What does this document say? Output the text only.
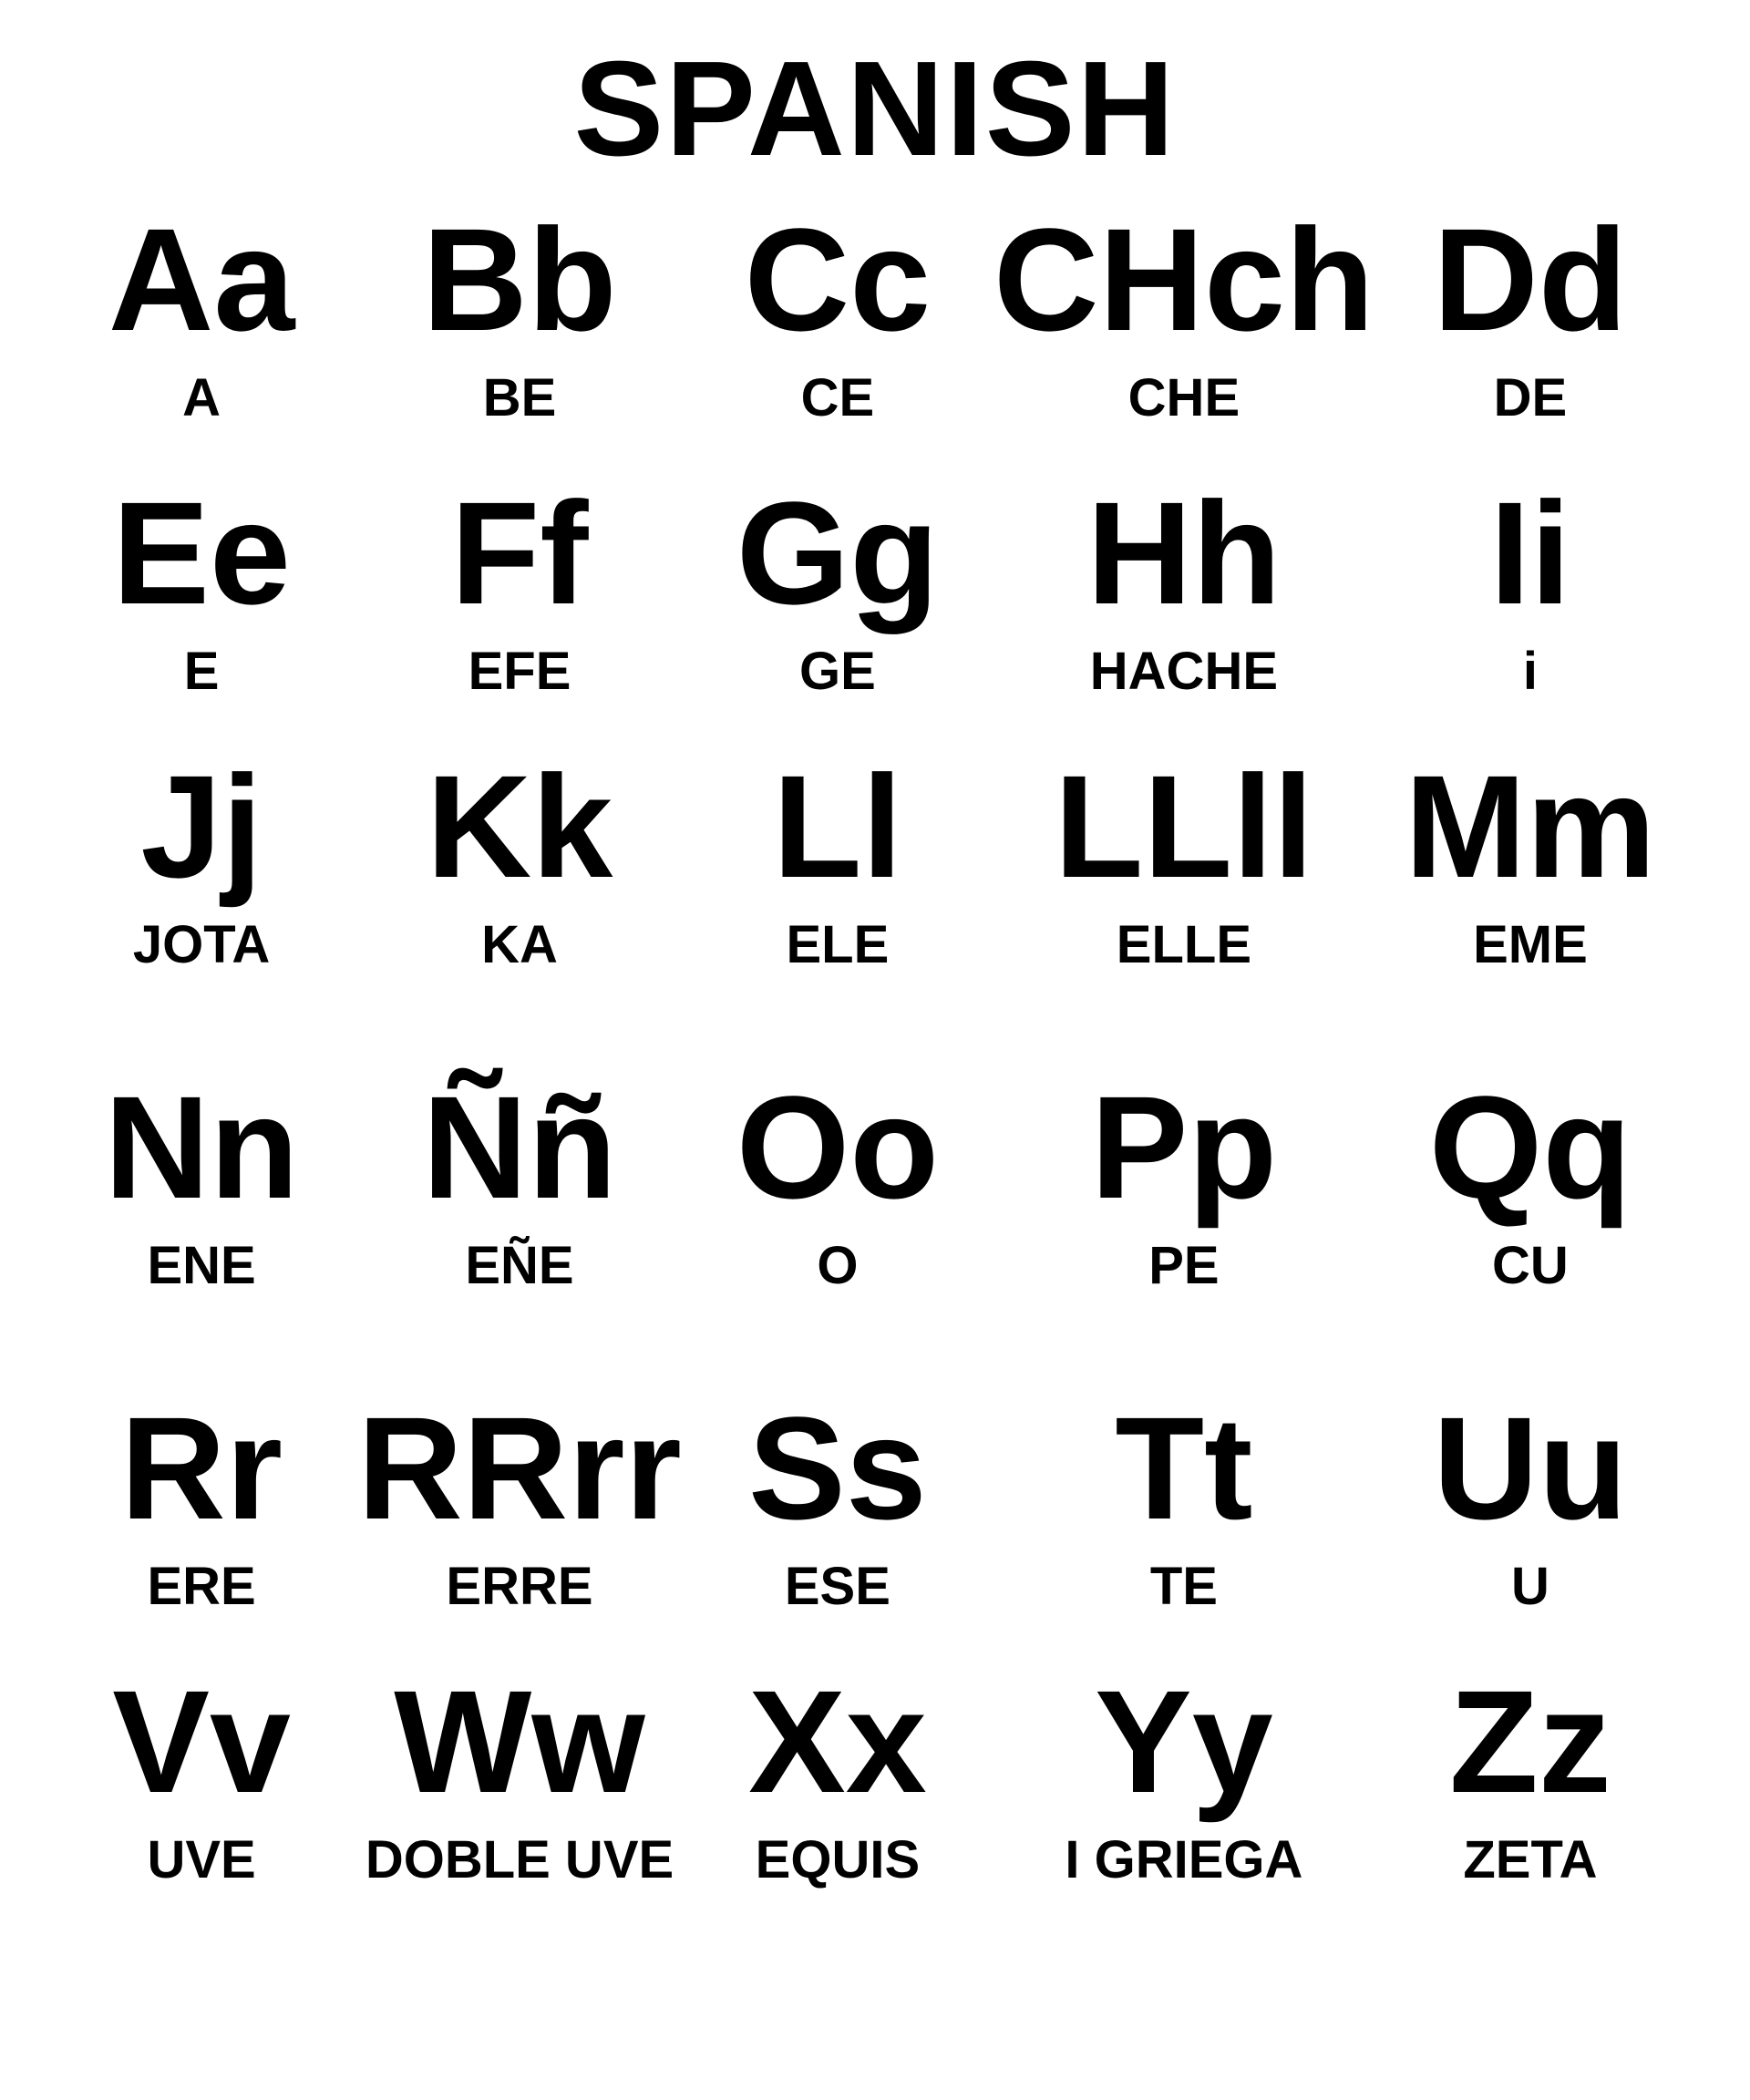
SPANISH
Aa
A
Bb
BE
Cc
CE
CHch
CHE
Dd
DE
Ee
E
Ff
EFE
Gg
GE
Hh
HACHE
Ii
i
Jj
JOTA
Kk
KA
Ll
ELE
LLll
ELLE
Mm
EME
Nn
ENE
Ññ
EÑE
Oo
O
Pp
PE
Qq
CU
Rr
ERE
RRrr
ERRE
Ss
ESE
Tt
TE
Uu
U
Vv
UVE
Ww
DOBLE UVE
Xx
EQUIS
Yy
I GRIEGA
Zz
ZETA
